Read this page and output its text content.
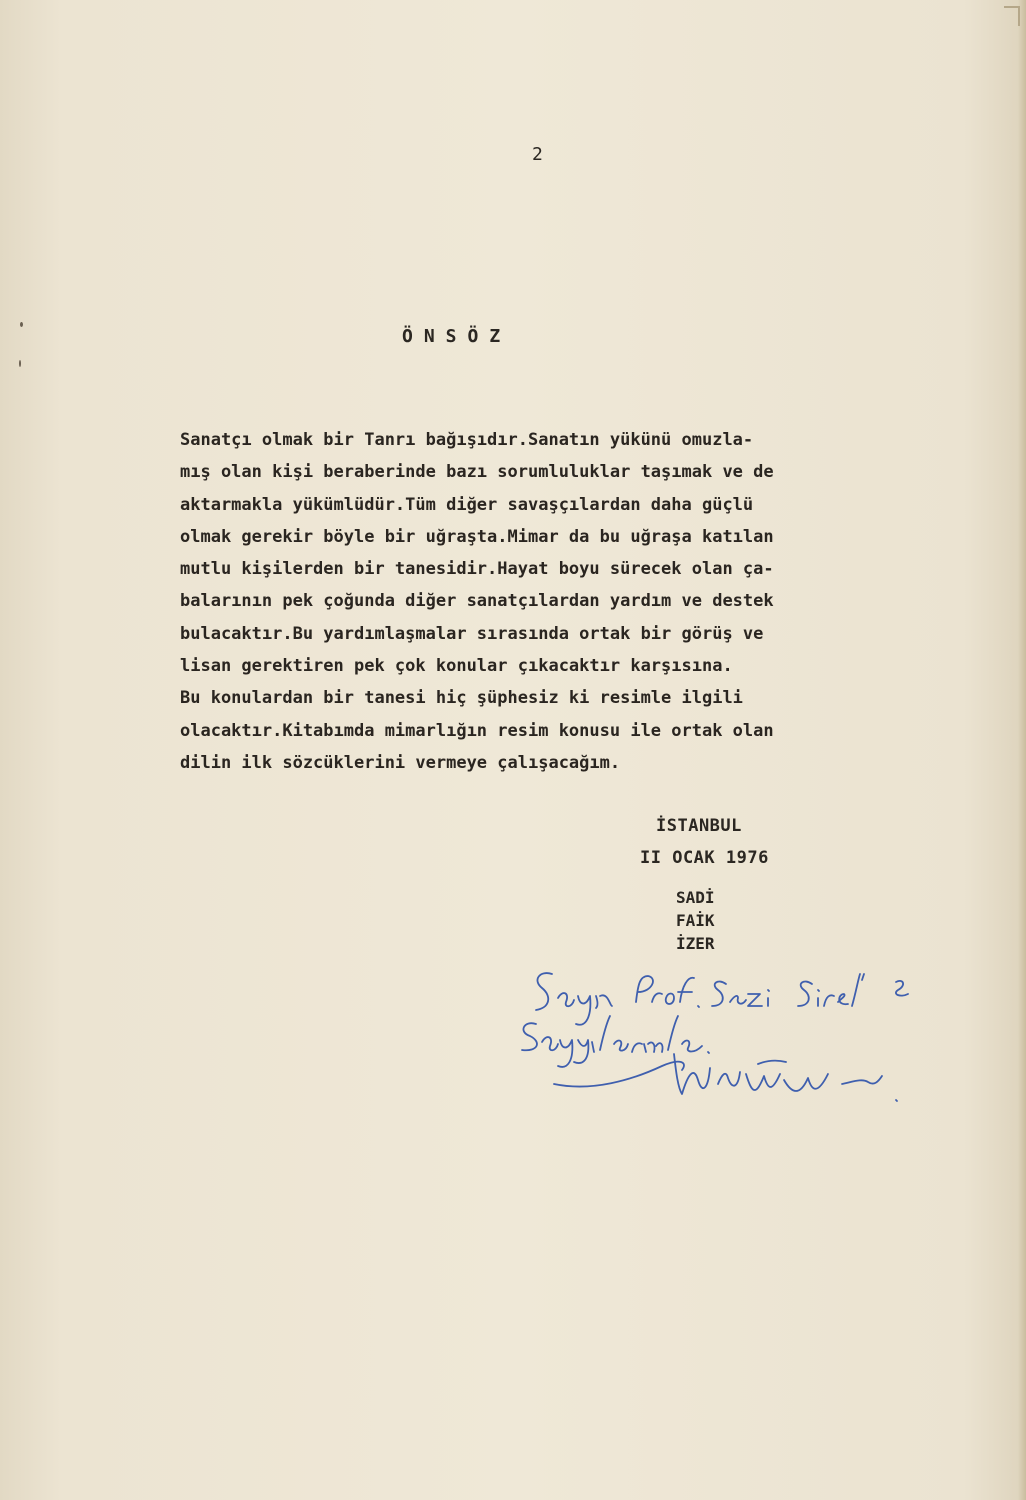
2
ÖNSÖZ
Sanatçı olmak bir Tanrı bağışıdır.Sanatın yükünü omuzla-
mış olan kişi beraberinde bazı sorumluluklar taşımak ve de
aktarmakla yükümlüdür.Tüm diğer savaşçılardan daha güçlü
olmak gerekir böyle bir uğraşta.Mimar da bu uğraşa katılan
mutlu kişilerden bir tanesidir.Hayat boyu sürecek olan ça-
balarının pek çoğunda diğer sanatçılardan yardım ve destek
bulacaktır.Bu yardımlaşmalar sırasında ortak bir görüş ve
lisan gerektiren pek çok konular çıkacaktır karşısına.
Bu konulardan bir tanesi hiç şüphesiz ki resimle ilgili
olacaktır.Kitabımda mimarlığın resim konusu ile ortak olan
dilin ilk sözcüklerini vermeye çalışacağım.
İSTANBUL
II OCAK 1976
SADİ
FAİK
İZER
